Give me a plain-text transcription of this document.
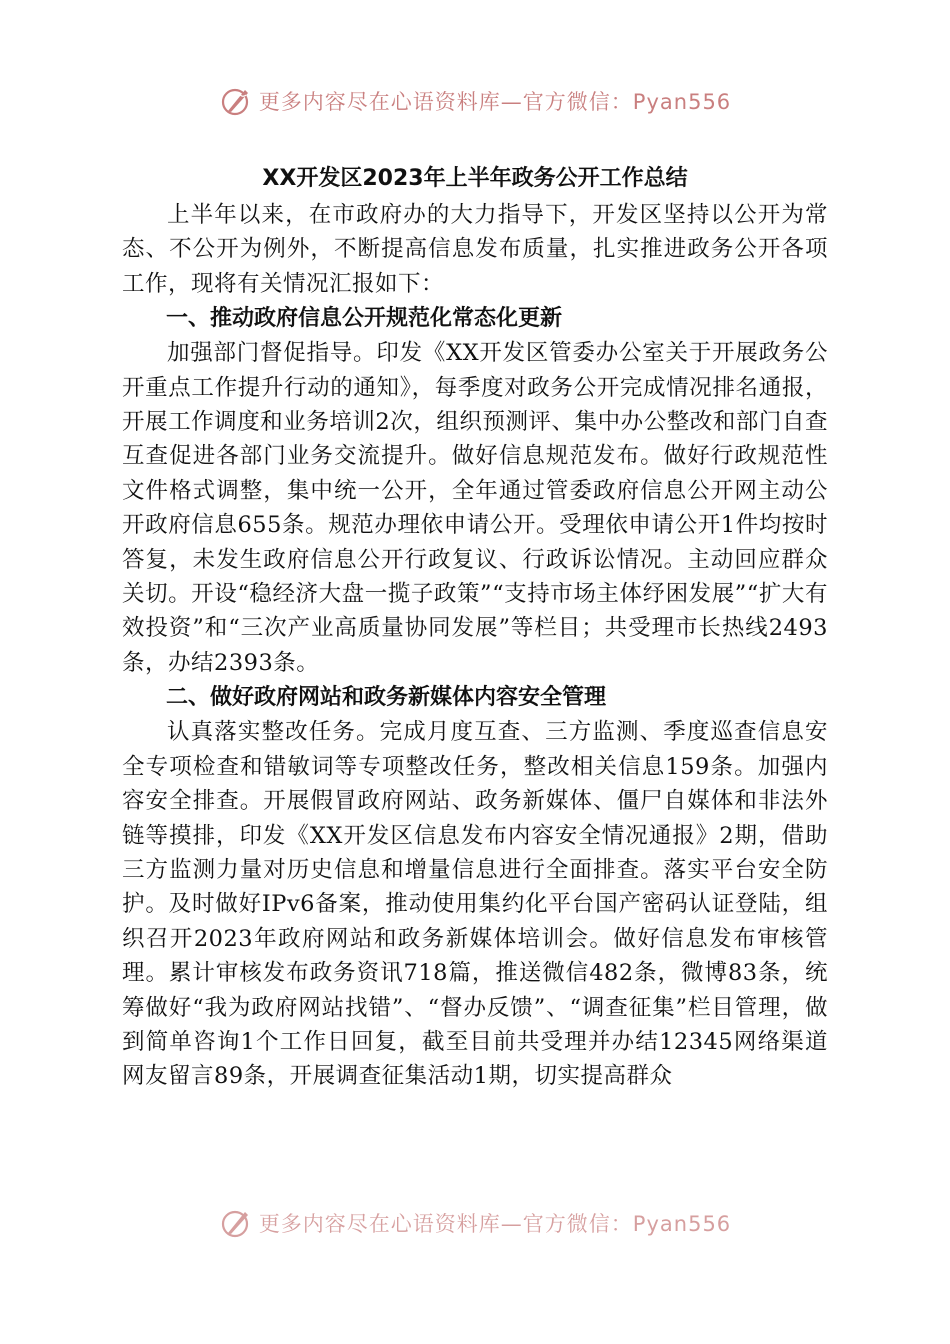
更多内容尽在心语资料库—官方微信：Pyan556
XX开发区2023年上半年政务公开工作总结

上半年以来，在市政府办的大力指导下，开发区坚持以公开为常态、不公开为例外，不断提高信息发布质量，扎实推进政务公开各项工作，现将有关情况汇报如下：

一、推动政府信息公开规范化常态化更新

加强部门督促指导。印发《XX开发区管委办公室关于开展政务公开重点工作提升行动的通知》，每季度对政务公开完成情况排名通报，开展工作调度和业务培训2次，组织预测评、集中办公整改和部门自查互查促进各部门业务交流提升。做好信息规范发布。做好行政规范性文件格式调整，集中统一公开，全年通过管委政府信息公开网主动公开政府信息655条。规范办理依申请公开。受理依申请公开1件均按时答复，未发生政府信息公开行政复议、行政诉讼情况。主动回应群众关切。开设“稳经济大盘一揽子政策”“支持市场主体纾困发展”“扩大有效投资”和“三次产业高质量协同发展”等栏目；共受理市长热线2493条，办结2393条。

二、做好政府网站和政务新媒体内容安全管理

认真落实整改任务。完成月度互查、三方监测、季度巡查信息安全专项检查和错敏词等专项整改任务，整改相关信息159条。加强内容安全排查。开展假冒政府网站、政务新媒体、僵尸自媒体和非法外链等摸排，印发《XX开发区信息发布内容安全情况通报》2期，借助三方监测力量对历史信息和增量信息进行全面排查。落实平台安全防护。及时做好IPv6备案，推动使用集约化平台国产密码认证登陆，组织召开2023年政府网站和政务新媒体培训会。做好信息发布审核管理。累计审核发布政务资讯718篇，推送微信482条，微博83条，统筹做好“我为政府网站找错”、“督办反馈”、“调查征集”栏目管理，做到简单咨询1个工作日回复，截至目前共受理并办结12345网络渠道网友留言89条，开展调查征集活动1期，切实提高群众

更多内容尽在心语资料库—官方微信：Pyan556
